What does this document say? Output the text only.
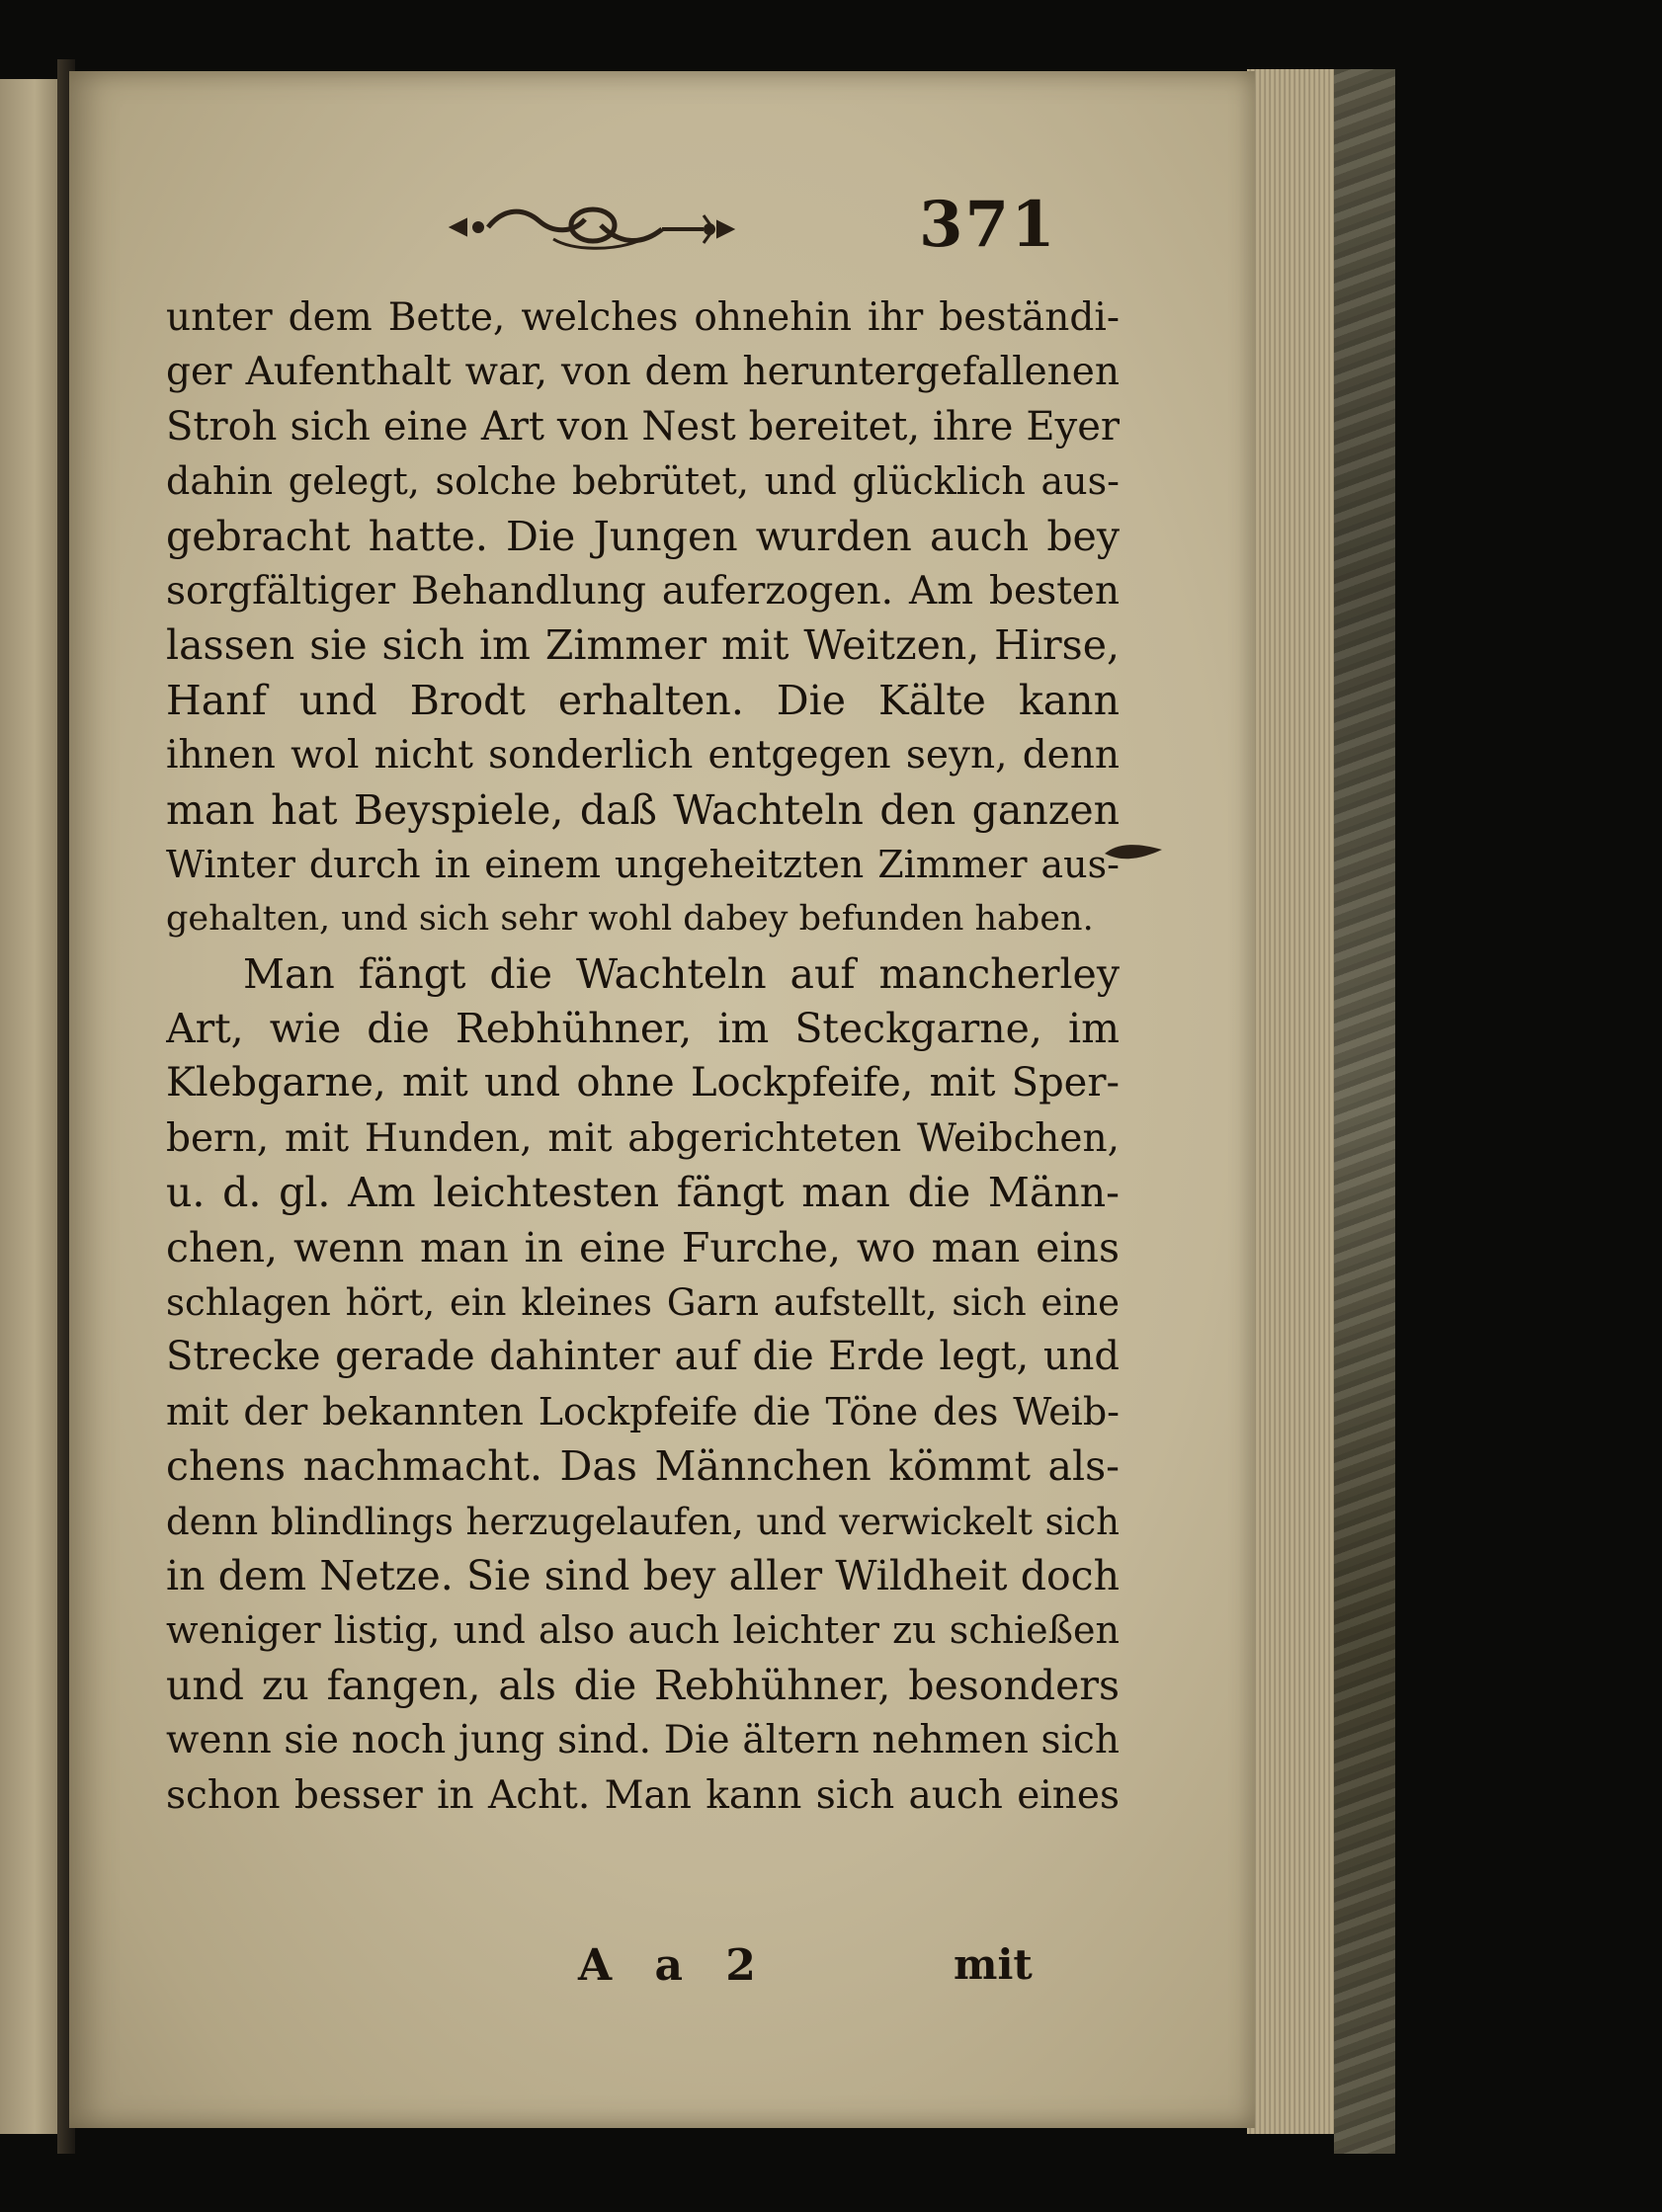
371
unter dem Bette, welches ohnehin ihr beständi-
ger Aufenthalt war, von dem heruntergefallenen
Stroh sich eine Art von Nest bereitet, ihre Eyer
dahin gelegt, solche bebrütet, und glücklich aus-
gebracht hatte. Die Jungen wurden auch bey
sorgfältiger Behandlung auferzogen. Am besten
lassen sie sich im Zimmer mit Weitzen, Hirse,
Hanf und Brodt erhalten. Die Kälte kann
ihnen wol nicht sonderlich entgegen seyn, denn
man hat Beyspiele, daß Wachteln den ganzen
Winter durch in einem ungeheitzten Zimmer aus-
gehalten, und sich sehr wohl dabey befunden haben.
Man fängt die Wachteln auf mancherley
Art, wie die Rebhühner, im Steckgarne, im
Klebgarne, mit und ohne Lockpfeife, mit Sper-
bern, mit Hunden, mit abgerichteten Weibchen,
u. d. gl. Am leichtesten fängt man die Männ-
chen, wenn man in eine Furche, wo man eins
schlagen hört, ein kleines Garn aufstellt, sich eine
Strecke gerade dahinter auf die Erde legt, und
mit der bekannten Lockpfeife die Töne des Weib-
chens nachmacht. Das Männchen kömmt als-
denn blindlings herzugelaufen, und verwickelt sich
in dem Netze. Sie sind bey aller Wildheit doch
weniger listig, und also auch leichter zu schießen
und zu fangen, als die Rebhühner, besonders
wenn sie noch jung sind. Die ältern nehmen sich
schon besser in Acht. Man kann sich auch eines
A a 2	mit
